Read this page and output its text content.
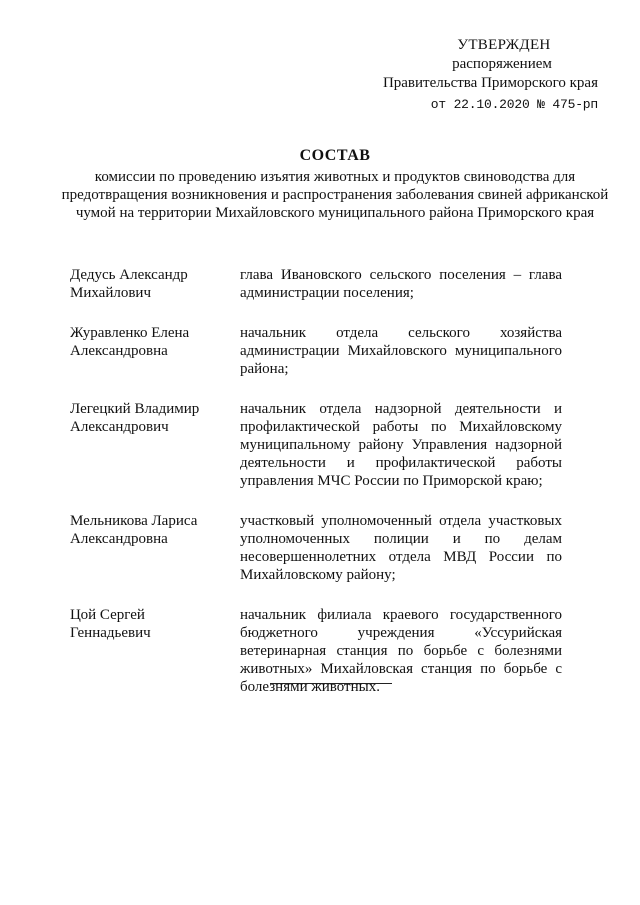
УТВЕРЖДЕН
распоряжением
Правительства Приморского края
от 22.10.2020 № 475-рп
СОСТАВ
комиссии по проведению изъятия животных и продуктов свиноводства для предотвращения возникновения и распространения заболевания свиней африканской чумой на территории Михайловского муниципального района Приморского края
Дедусь Александр
Михайлович
глава Ивановского сельского поселения – глава администрации поселения;
Журавленко Елена
Александровна
начальник отдела сельского хозяйства администрации Михайловского муниципального района;
Легецкий Владимир
Александрович
начальник отдела надзорной деятельности и профилактической работы по Михайловскому муниципальному району Управления надзорной деятельности и профилактической работы управления МЧС России по Приморской краю;
Мельникова Лариса
Александровна
участковый уполномоченный отдела участковых уполномоченных полиции и по делам несовершеннолетних отдела МВД России по Михайловскому району;
Цой Сергей
Геннадьевич
начальник филиала краевого государственного бюджетного учреждения «Уссурийская ветеринарная станция по борьбе с болезнями животных» Михайловская станция по борьбе с болезнями животных.
